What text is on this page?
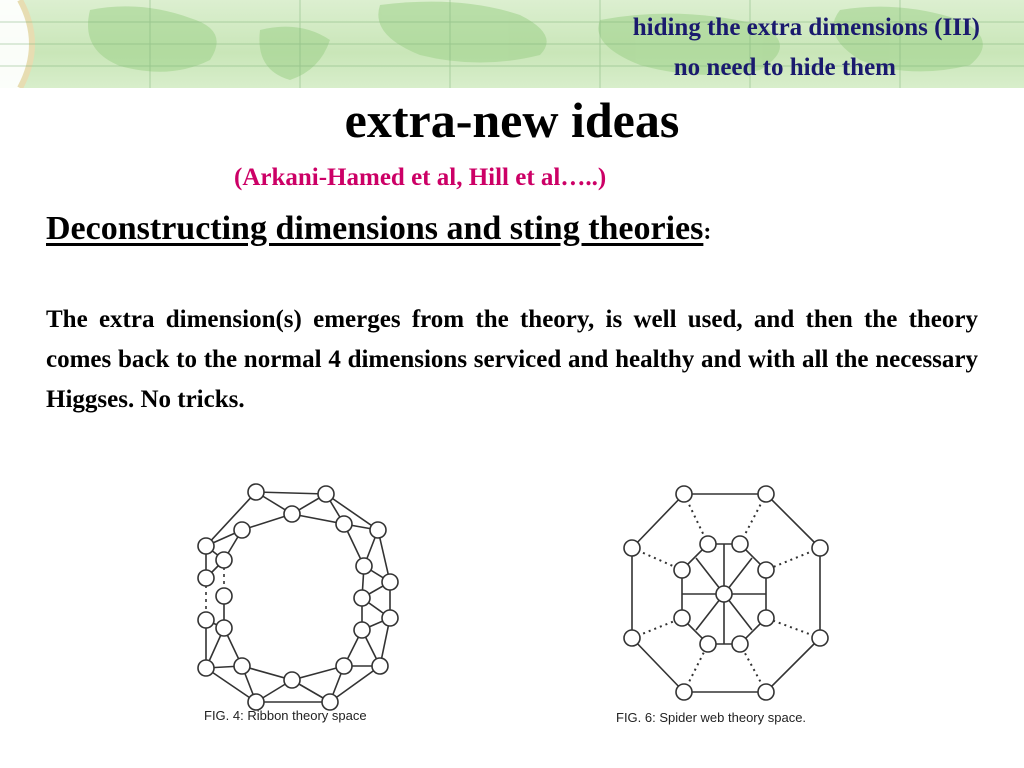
hiding the extra dimensions (III)
no need to hide them
extra-new ideas
(Arkani-Hamed et al, Hill et al…..)
Deconstructing dimensions and sting theories:
The extra dimension(s) emerges from the theory, is well used, and then the theory comes back to the normal 4 dimensions serviced and healthy and with all the necessary Higgses. No tricks.
FIG. 4: Ribbon theory space	FIG. 6: Spider web theory space.
